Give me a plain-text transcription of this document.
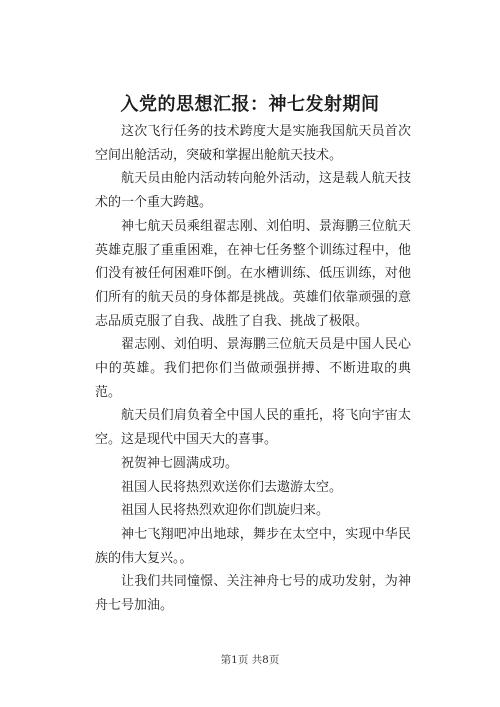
入党的思想汇报：神七发射期间

这次飞行任务的技术跨度大是实施我国航天员首次空间出舱活动，突破和掌握出舱航天技术。

航天员由舱内活动转向舱外活动，这是载人航天技术的一个重大跨越。

神七航天员乘组翟志刚、刘伯明、景海鹏三位航天英雄克服了重重困难，在神七任务整个训练过程中，他们没有被任何困难吓倒。在水槽训练、低压训练，对他们所有的航天员的身体都是挑战。英雄们依靠顽强的意志品质克服了自我、战胜了自我、挑战了极限。

翟志刚、刘伯明、景海鹏三位航天员是中国人民心中的英雄。我们把你们当做顽强拼搏、不断进取的典范。

航天员们肩负着全中国人民的重托，将飞向宇宙太空。这是现代中国天大的喜事。

祝贺神七圆满成功。

祖国人民将热烈欢送你们去遨游太空。

祖国人民将热烈欢迎你们凯旋归来。

神七飞翔吧冲出地球，舞步在太空中，实现中华民族的伟大复兴。。

让我们共同憧憬、关注神舟七号的成功发射，为神舟七号加油。

第1页 共8页
